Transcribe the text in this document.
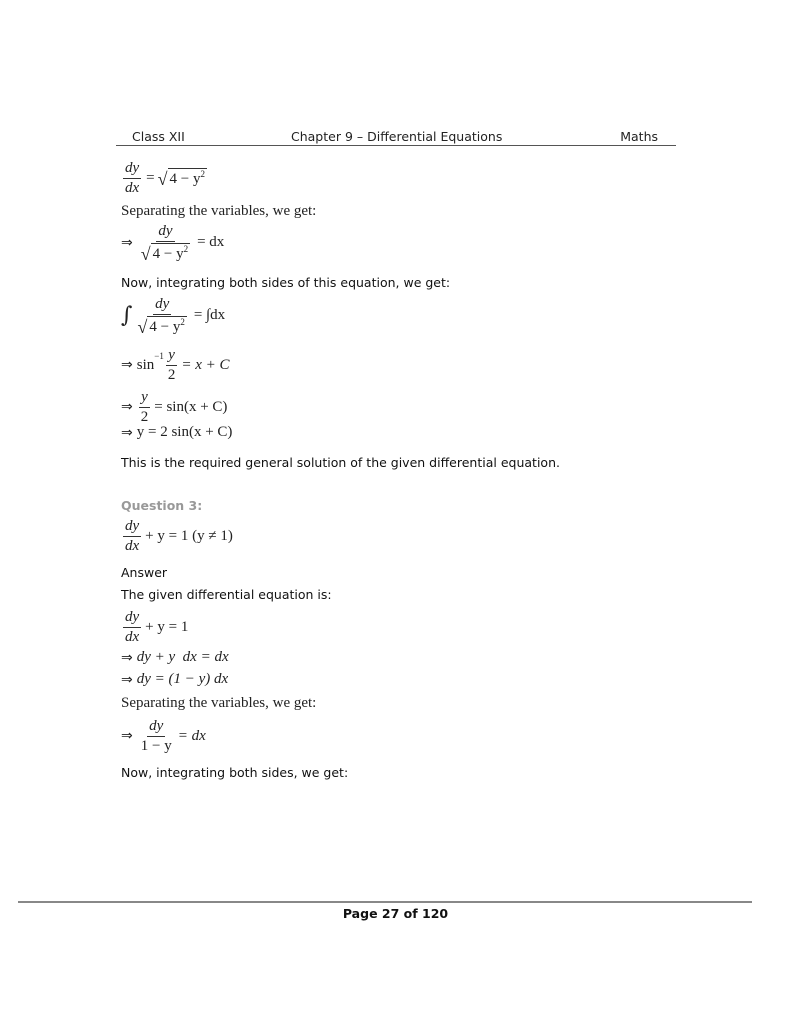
Class XII	Chapter 9 – Differential Equations	Maths
$\frac{dy}{dx}$ = √ $4 - y^2$
Separating the variables, we get:
⇒ $\frac{dy}{√ 4 - y^2}$ = dx
Now, integrating both sides of this equation, we get:
∫ $\frac{dy}{√ 4 - y^2} = \int dx$
⇒ sin
$^{-1} \frac{y}{2} = x + C$
⇒ $\frac{y}{2} = \sin(x + C)$
⇒ y = 2 sin(x + C)
This is the required general solution of the given differential equation.
Question 3:
$\frac{dy}{dx} + y = 1$ (y ≠ 1)
Answer
The given differential equation is:
$\frac{dy}{dx} + y = 1$
⇒ dy + y  dx = dx
⇒ dy = (1 − y) dx
Separating the variables, we get:
⇒ $\frac{dy}{1 - y}$ = dx
Now, integrating both sides, we get:
Page 27 of 120
